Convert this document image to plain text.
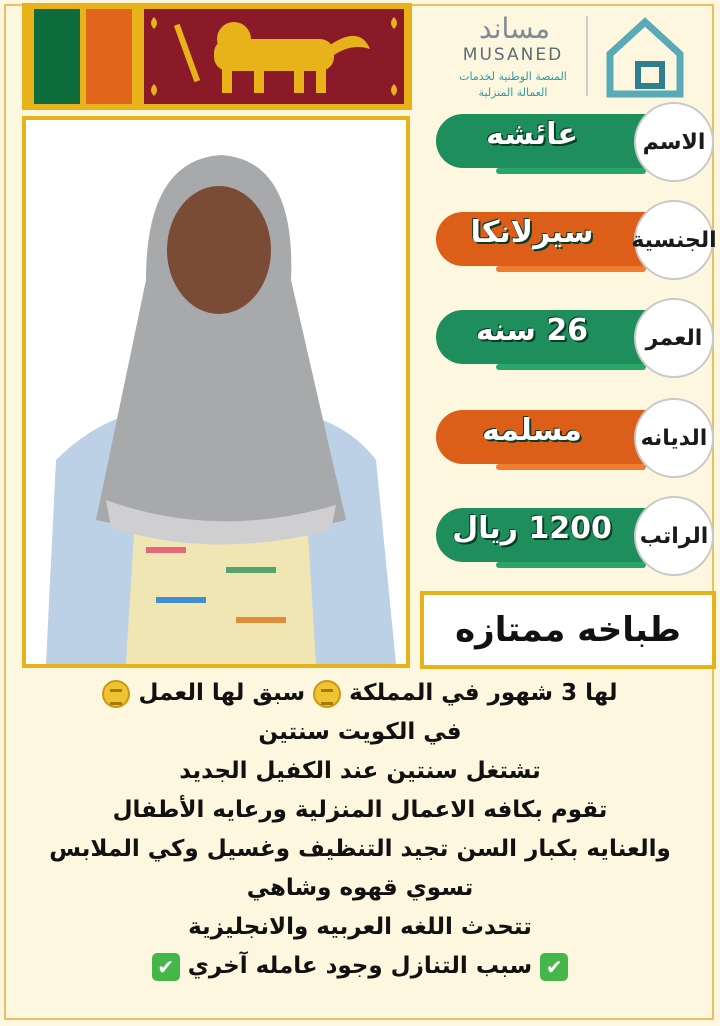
مساند
MUSANED
المنصة الوطنية لخدمات
العمالة المنزلية
عائشه	الاسم
سيرلانكا	الجنسية
26 سنه	العمر
مسلمه	الديانه
1200 ريال	الراتب
طباخه ممتازه
لها 3 شهور في المملكة  سبق لها العمل
في الكويت سنتين
تشتغل سنتين عند الكفيل الجديد
تقوم بكافه الاعمال المنزلية ورعايه الأطفال
والعنايه بكبار السن تجيد التنظيف وغسيل وكي الملابس
تسوي قهوه وشاهي
تتحدث اللغه العربيه والانجليزية
✔ سبب التنازل وجود عامله آخري ✔
